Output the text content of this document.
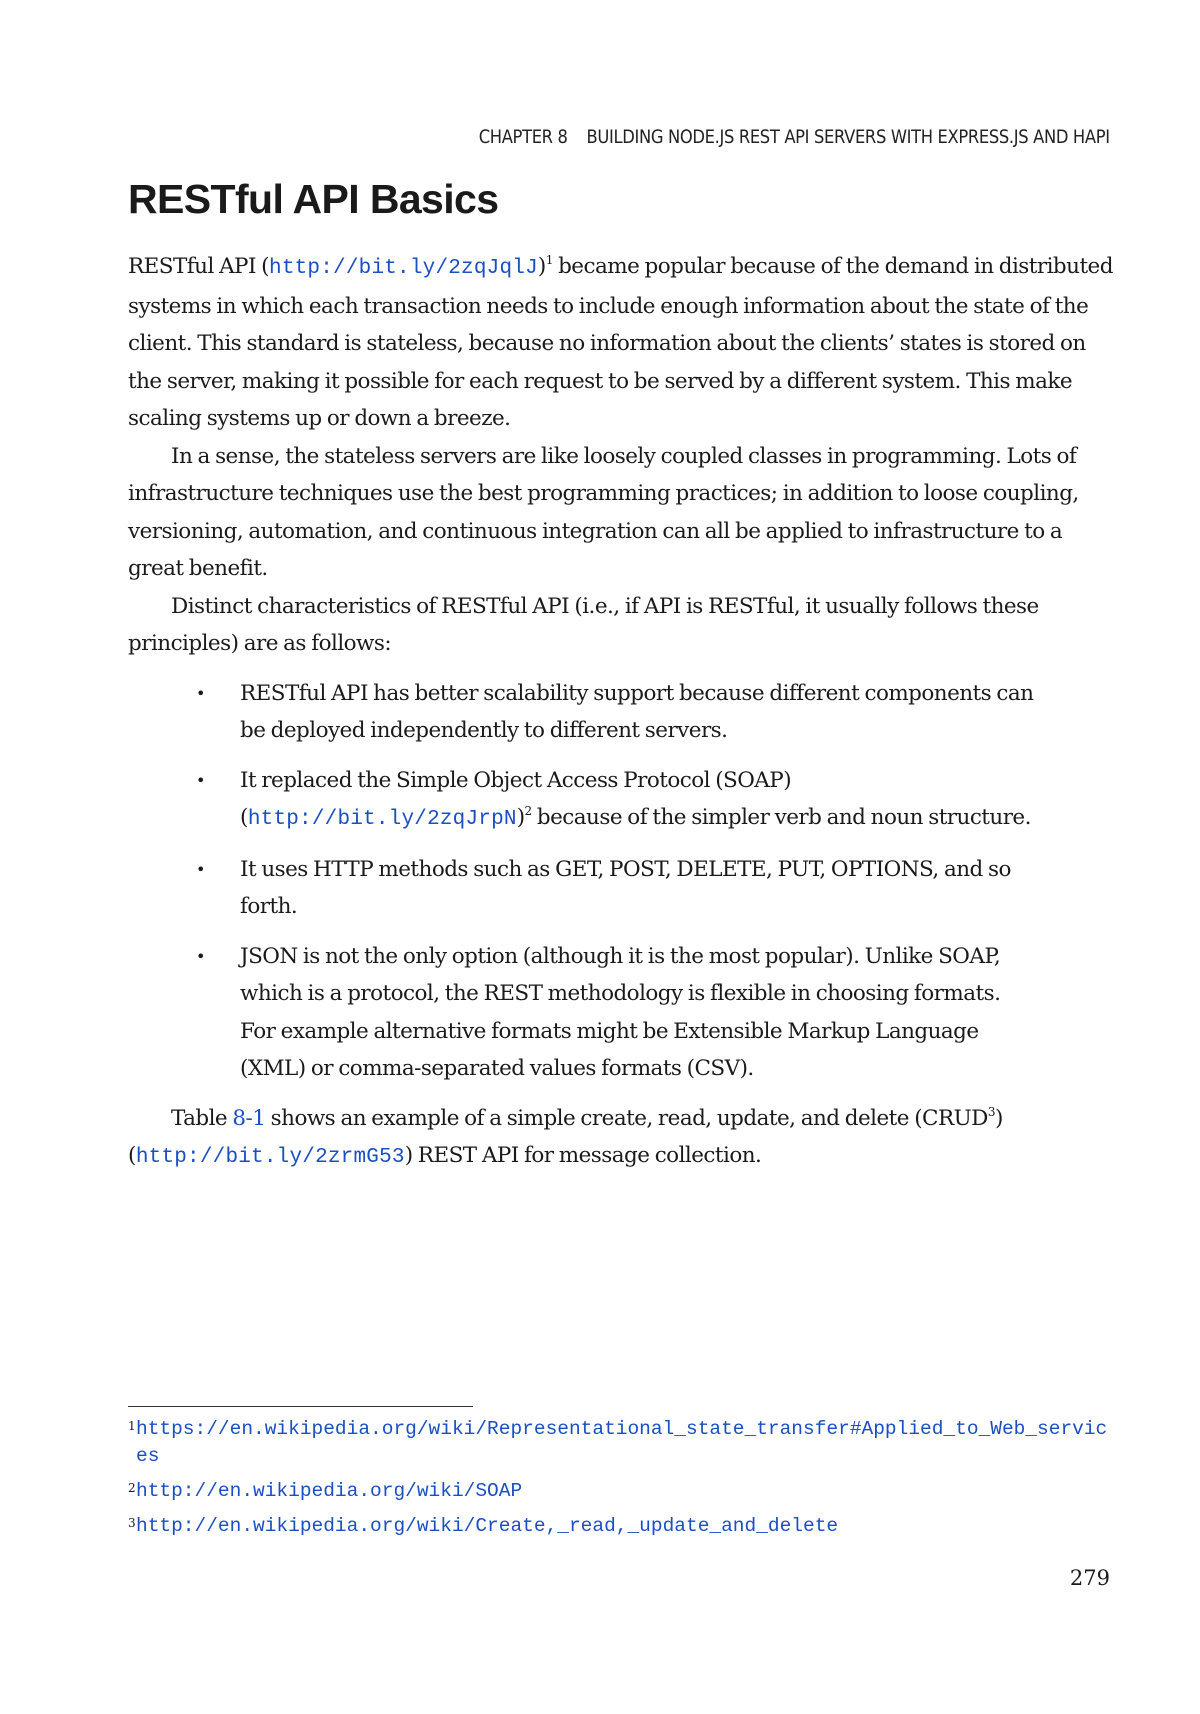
CHAPTER 8 BUILDING NODE.JS REST API SERVERS WITH EXPRESS.JS AND HAPI
RESTful API Basics

RESTful API (http://bit.ly/2zqJqlJ)$^1$ became popular because of the demand in distributed systems in which each transaction needs to include enough information about the state of the client. This standard is stateless, because no information about the clients’ states is stored on the server, making it possible for each request to be served by a different system. This make scaling systems up or down a breeze.

In a sense, the stateless servers are like loosely coupled classes in programming. Lots of infrastructure techniques use the best programming practices; in addition to loose coupling, versioning, automation, and continuous integration can all be applied to infrastructure to a great benefit.

Distinct characteristics of RESTful API (i.e., if API is RESTful, it usually follows these principles) are as follows:

• RESTful API has better scalability support because different components can be deployed independently to different servers.
• It replaced the Simple Object Access Protocol (SOAP) (http://bit.ly/2zqJrpN)$^2$ because of the simpler verb and noun structure.
• It uses HTTP methods such as GET, POST, DELETE, PUT, OPTIONS, and so forth.
• JSON is not the only option (although it is the most popular). Unlike SOAP, which is a protocol, the REST methodology is flexible in choosing formats. For example alternative formats might be Extensible Markup Language (XML) or comma-separated values formats (CSV).

Table 8-1 shows an example of a simple create, read, update, and delete (CRUD$^3$) (http://bit.ly/2zrmG53) REST API for message collection.

1 https://en.wikipedia.org/wiki/Representational_state_transfer#Applied_to_Web_services
2 http://en.wikipedia.org/wiki/SOAP
3 http://en.wikipedia.org/wiki/Create,_read,_update_and_delete
279
